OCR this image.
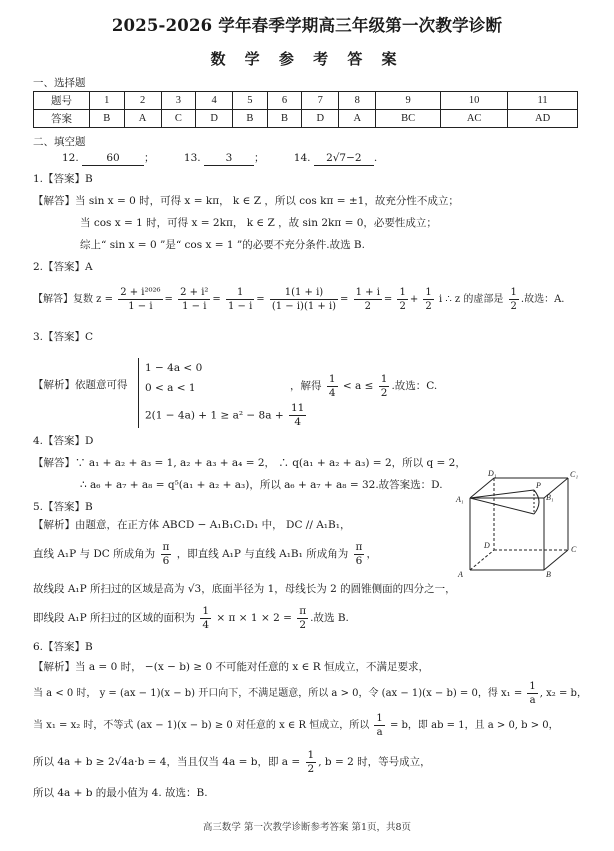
2025-2026 学年春季学期高三年级第一次教学诊断
数 学 参 考 答 案
一、选择题
题号	1	2	3	4	5	6	7	8	9	10	11
答案	B	A	C	D	B	B	D	A	BC	AC	AD
二、填空题
12.	60 ； 13. 3 ； 14. 2√7−2 .
1.【答案】B
【解答】当 sin x = 0 时，可得 x = kπ， k ∈ Z ，所以 cos kπ = ±1，故充分性不成立；
当 cos x = 1 时，可得 x = 2kπ， k ∈ Z ，故 sin 2kπ = 0，必要性成立；
综上“ sin x = 0 ”是“ cos x = 1 ”的必要不充分条件.故选 B.
2.【答案】A
【解答】复数 $z = \frac{\text{2 + i²⁰²⁶}}{1 - i} = \frac{\text{2 + i²}}{1 - i} = \frac{1}{1 - i} = \frac{1(1 + i)}{(1 - i)(1 + i)} = \frac{1 + i}{2} = \frac{1}{2} + \frac{1}{2}$ i ∴ z 的虚部是 $\frac{1}{2}$ .故选：A.
3.【答案】C
【解析】依题意可得
1 − 4a < 0
0 < a < 1
$2(1 - 4a) + 1 \ge a^2 - 8a + \frac{11}{4}$
，解得 $\frac{1}{4} < a \le \frac{1}{2}$ .故选：C.
4.【答案】D
【解答】∵ a₁ + a₂ + a₃ = 1, a₂ + a₃ + a₄ = 2， ∴ q(a₁ + a₂ + a₃) = 2，所以 q = 2，
∴ a₆ + a₇ + a₈ = q⁵(a₁ + a₂ + a₃)，所以 a₆ + a₇ + a₈ = 32.故答案选：D.
5.【答案】B
【解析】由题意，在正方体 ABCD − A₁B₁C₁D₁ 中， DC // A₁B₁，
直线 A₁P 与 DC 所成角为 $\frac{\pi}{6}$ ，即直线 A₁P 与直线 A₁B₁ 所成角为 $\frac{\pi}{6}$ ，
故线段 A₁P 所扫过的区域是高为 √3，底面半径为 1，母线长为 2 的圆锥侧面的四分之一，
即线段 A₁P 所扫过的区域的面积为 $\frac{1}{4} \times \pi \times 1 \times 2 = \frac{\pi}{2}$ .故选 B.
D₁	C₁
A₁	B₁
P
D	C
A	B
6.【答案】B
【解析】当 a = 0 时， −(x − b) ≥ 0 不可能对任意的 x ∈ R 恒成立，不满足要求，
当 a < 0 时， y = (ax − 1)(x − b) 开口向下，不满足题意，所以 a > 0，令 (ax − 1)(x − b) = 0，得 $x_1 = \frac{1}{a}$ , x₂ = b，
当 x₁ = x₂ 时，不等式 (ax − 1)(x − b) ≥ 0 对任意的 x ∈ R 恒成立，所以 $\frac{1}{a} = b$，即 ab = 1，且 a > 0, b > 0，
所以 4a + b ≥ 2√4a·b = 4，当且仅当 4a = b，即 $a = \frac{1}{2}$ , b = 2 时，等号成立，
所以 4a + b 的最小值为 4. 故选：B.
高三数学 第一次教学诊断参考答案 第1页，共8页
